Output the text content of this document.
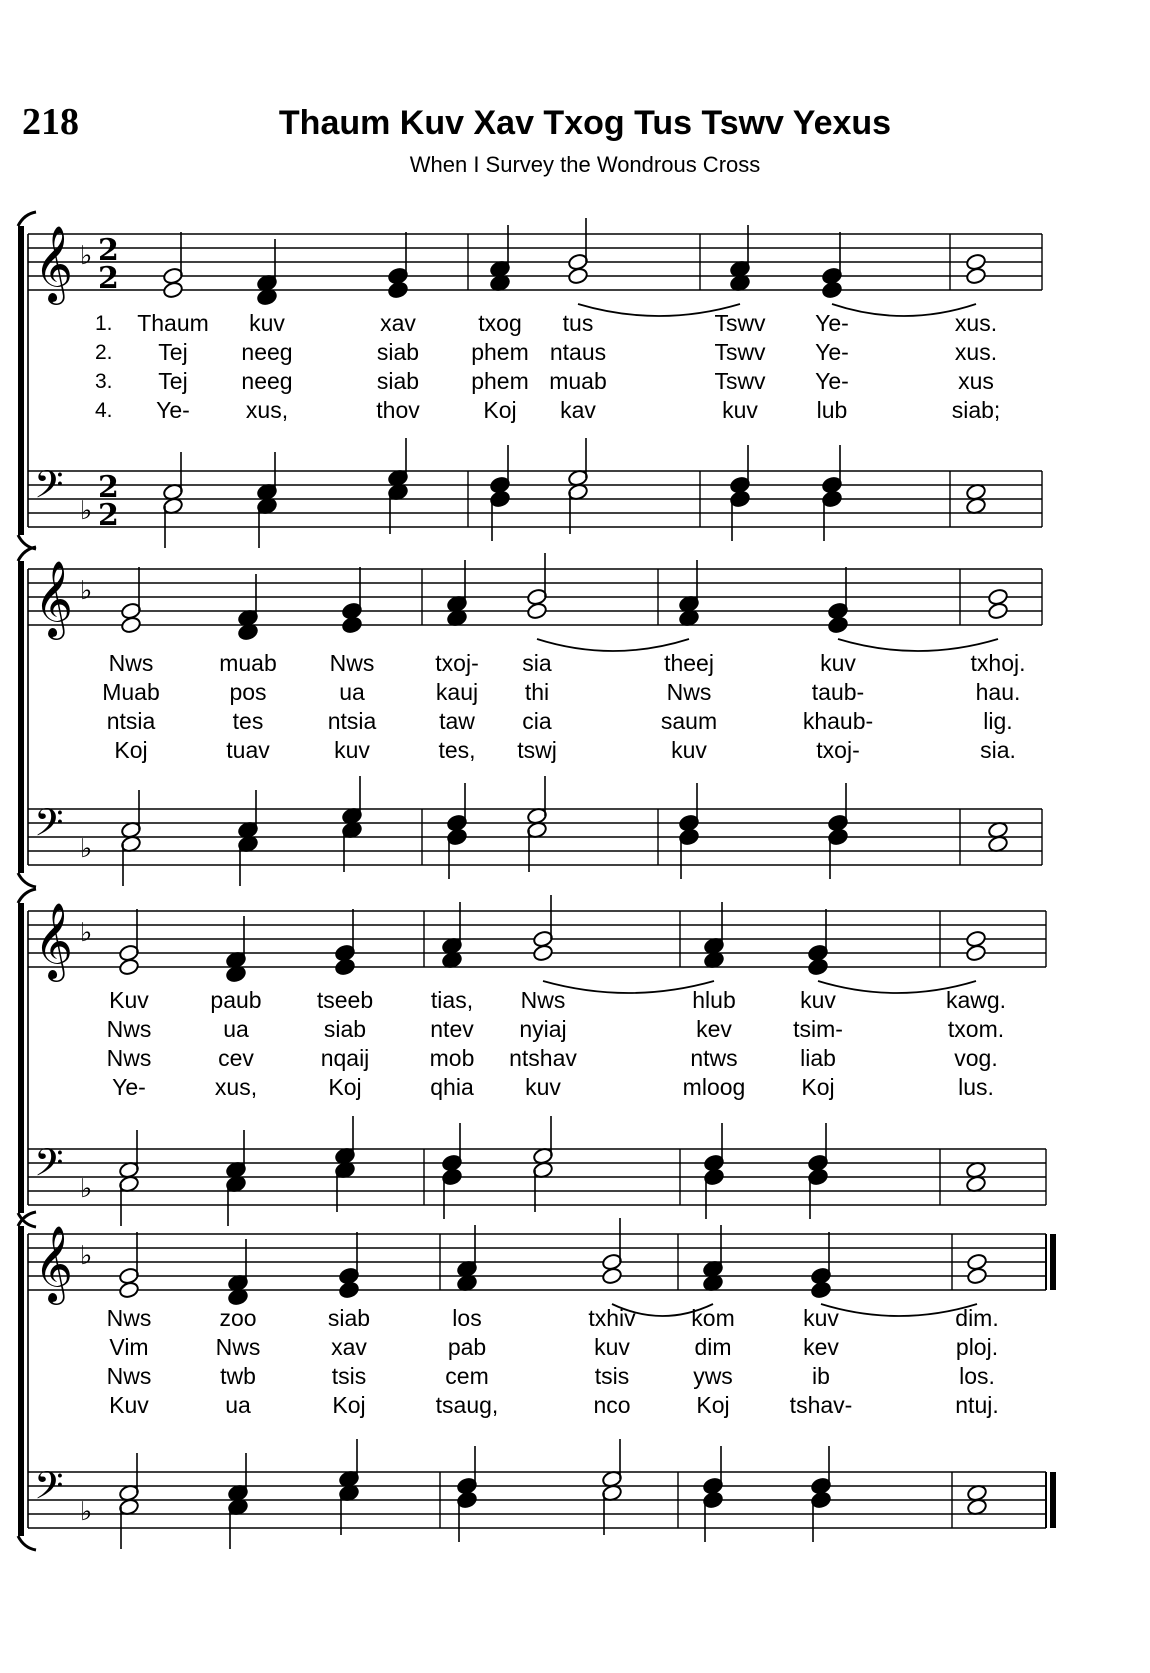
218	Thaum Kuv Xav Txog Tus Tswv Yexus
When I Survey the Wondrous Cross
𝄞 ♭ 2
2
𝄢 ♭
2
2
𝄞 ♭
𝄢 ♭
𝄞 ♭
𝄢 ♭
𝄞 ♭
𝄢 ♭
1. Thaum kuv	xav	txog tus	Tswv Ye-	xus.
2. Tej neeg	siab phem ntaus	Tswv Ye-	xus.
3. Tej neeg	siab phem muab	Tswv Ye-	xus
4. Ye- xus,	thov	Koj kav	kuv	lub	siab;
Nws	muab Nws	txoj- sia	theej	kuv	txhoj.
Muab	pos	ua	kauj thi	Nws	taub-	hau.
ntsia	tes	ntsia	taw cia	saum	khaub-	lig.
Koj	tuav	kuv	tes, tswj	kuv	txoj-	sia.
Kuv	paub tseeb	tias, Nws	hlub	kuv	kawg.
Nws	ua	siab	ntev nyiaj	kev	tsim-	txom.
Nws	cev	nqaij	mob ntshav	ntws	liab	vog.
Ye-	xus,	Koj	qhia kuv	mloog Koj	lus.
Nws	zoo	siab	los	txhiv kom	kuv	dim.
Vim	Nws	xav	pab	kuv	dim	kev	ploj.
Nws	twb	tsis	cem	tsis	yws	ib	los.
Kuv	ua	Koj	tsaug,	nco	Koj	tshav-	ntuj.
